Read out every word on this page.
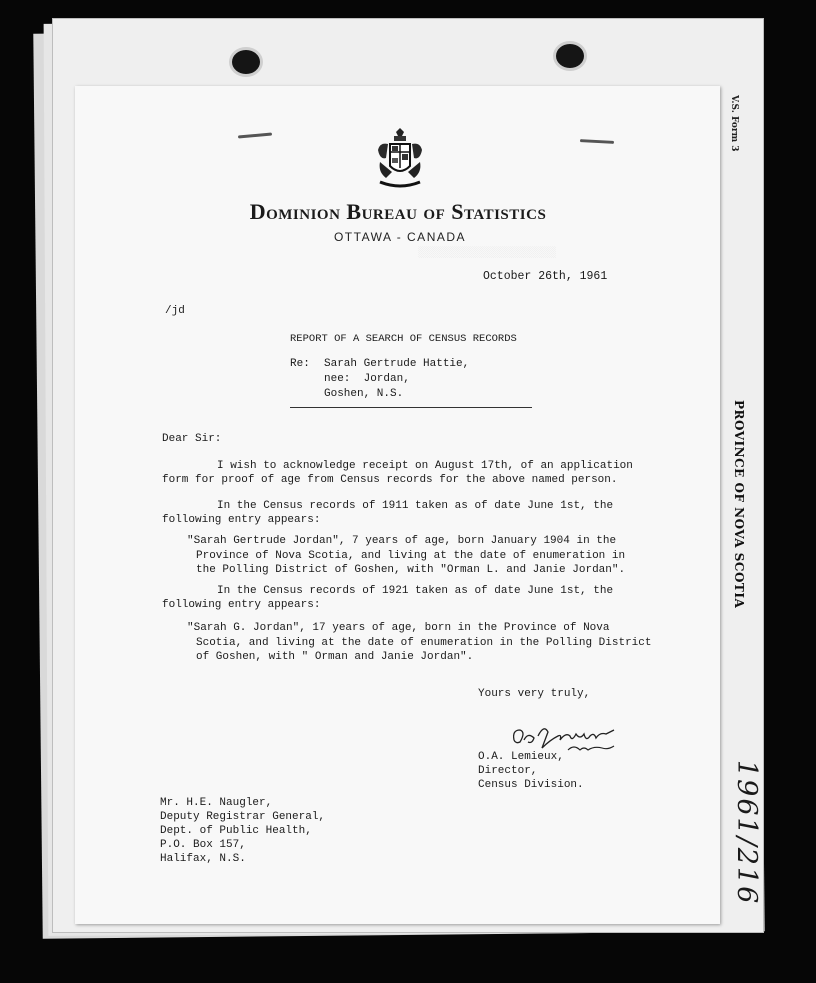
V.S. Form 3
PROVINCE OF NOVA SCOTIA
1961/216
Dominion Bureau of Statistics
OTTAWA - CANADA
░░░░░░░░░░░░░░░░░░░░░░░
October 26th, 1961
/jd
REPORT OF A SEARCH OF CENSUS RECORDS
Re: Sarah Gertrude Hattie,
nee:  Jordan,
Goshen, N.S.
Dear Sir:
I wish to acknowledge receipt on August 17th, of an application
form for proof of age from Census records for the above named person.
In the Census records of 1911 taken as of date June 1st, the
following entry appears:
"Sarah Gertrude Jordan", 7 years of age, born January 1904 in the
Province of Nova Scotia, and living at the date of enumeration in
the Polling District of Goshen, with "Orman L. and Janie Jordan".
In the Census records of 1921 taken as of date June 1st, the
following entry appears:
"Sarah G. Jordan", 17 years of age, born in the Province of Nova
Scotia, and living at the date of enumeration in the Polling District
of Goshen, with " Orman and Janie Jordan".
Yours very truly,
O.A. Lemieux,
Director,
Census Division.
Mr. H.E. Naugler,
Deputy Registrar General,
Dept. of Public Health,
P.O. Box 157,
Halifax, N.S.
